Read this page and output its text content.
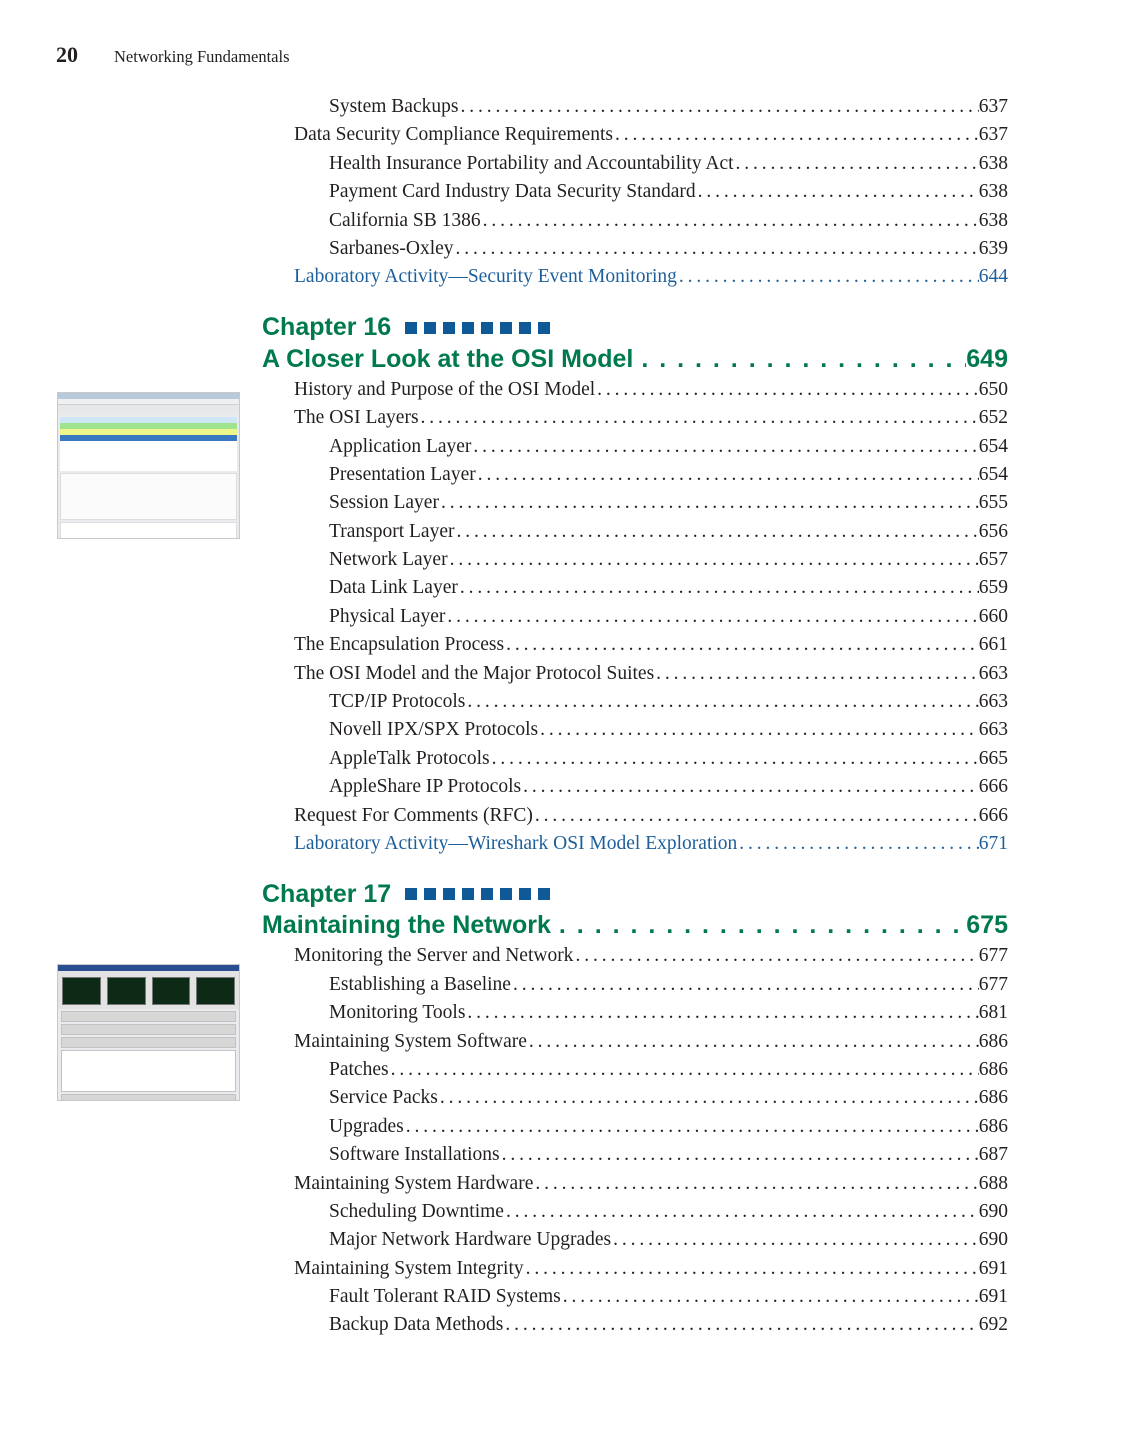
20	Networking Fundamentals
System Backups . . .	637
Data Security Compliance Requirements . . .	637
Health Insurance Portability and Accountability Act . . .	638
Payment Card Industry Data Security Standard . . .	638
California SB 1386 . . .	638
Sarbanes-Oxley . . .	639
Laboratory Activity—Security Event Monitoring . . .	644
Chapter 16
A Closer Look at the OSI Model . . .	649
History and Purpose of the OSI Model . . .	650
The OSI Layers . . .	652
Application Layer . . .	654
Presentation Layer . . .	654
Session Layer . . .	655
Transport Layer . . .	656
Network Layer . . .	657
Data Link Layer . . .	659
Physical Layer . . .	660
The Encapsulation Process . . .	661
The OSI Model and the Major Protocol Suites . . .	663
TCP/IP Protocols . . .	663
Novell IPX/SPX Protocols . . .	663
AppleTalk Protocols . . .	665
AppleShare IP Protocols . . .	666
Request For Comments (RFC) . . .	666
Laboratory Activity—Wireshark OSI Model Exploration . . .	671
Chapter 17
Maintaining the Network . . .	675
Monitoring the Server and Network . . .	677
Establishing a Baseline . . .	677
Monitoring Tools . . .	681
Maintaining System Software . . .	686
Patches . . .	686
Service Packs . . .	686
Upgrades . . .	686
Software Installations . . .	687
Maintaining System Hardware . . .	688
Scheduling Downtime . . .	690
Major Network Hardware Upgrades . . .	690
Maintaining System Integrity . . .	691
Fault Tolerant RAID Systems . . .	691
Backup Data Methods . . .	692
